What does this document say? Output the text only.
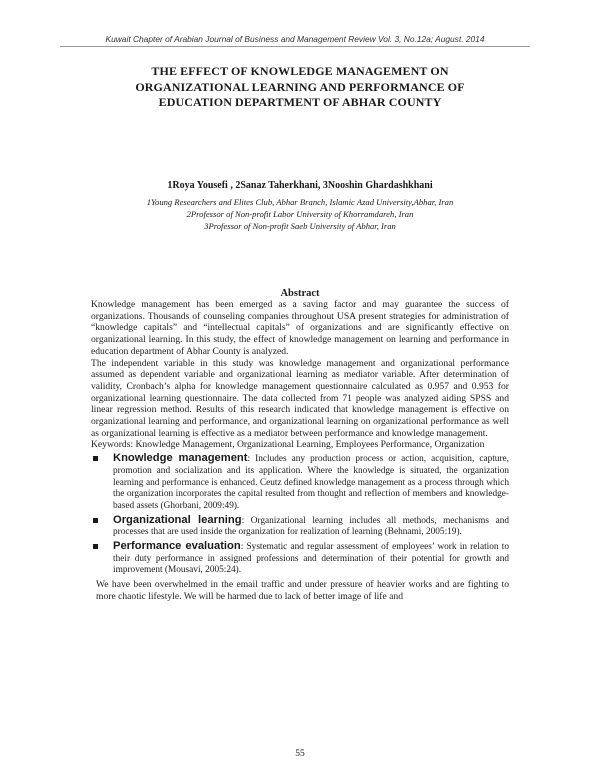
Kuwait Chapter of Arabian Journal of Business and Management Review Vol. 3, No.12a; August. 2014
THE EFFECT OF KNOWLEDGE MANAGEMENT ON
ORGANIZATIONAL LEARNING AND PERFORMANCE OF
EDUCATION DEPARTMENT OF ABHAR COUNTY
1Roya Yousefi , 2Sanaz Taherkhani, 3Nooshin Ghardashkhani
1Young Researchers and Elites Club, Abhar Branch, Islamic Azad University,Abhar, Iran
2Professor of Non-profit Labor University of Khorramdareh, Iran
3Professor of Non-profit Saeb University of Abhar, Iran
Abstract

Knowledge management has been emerged as a saving factor and may guarantee the success of organizations. Thousands of counseling companies throughout USA present strategies for administration of “knowledge capitals” and “intellectual capitals” of organizations and are significantly effective on organizational learning. In this study, the effect of knowledge management on learning and performance in education department of Abhar County is analyzed.

The independent variable in this study was knowledge management and organizational performance assumed as dependent variable and organizational learning as mediator variable. After determination of validity, Cronbach’s alpha for knowledge management questionnaire calculated as 0.957 and 0.953 for organizational learning questionnaire. The data collected from 71 people was analyzed aiding SPSS and linear regression method. Results of this research indicated that knowledge management is effective on organizational learning and performance, and organizational learning on organizational performance as well as organizational learning is effective as a mediator between performance and knowledge management.

Keywords: Knowledge Management, Organizational Learning, Employees Performance, Organization

Knowledge management: Includes any production process or action, acquisition, capture, promotion and socialization and its application. Where the knowledge is situated, the organization learning and performance is enhanced. Ceutz defined knowledge management as a process through which the organization incorporates the capital resulted from thought and reflection of members and knowledge-based assets (Ghorbani, 2009:49).
Organizational learning: Organizational learning includes all methods, mechanisms and processes that are used inside the organization for realization of learning (Behnami, 2005:19).
Performance evaluation: Systematic and regular assessment of employees’ work in relation to their duty performance in assigned professions and determination of their potential for growth and improvement (Mousavi, 2005:24).

We have been overwhelmed in the email traffic and under pressure of heavier works and are fighting to more chaotic lifestyle. We will be harmed due to lack of better image of life and

55
